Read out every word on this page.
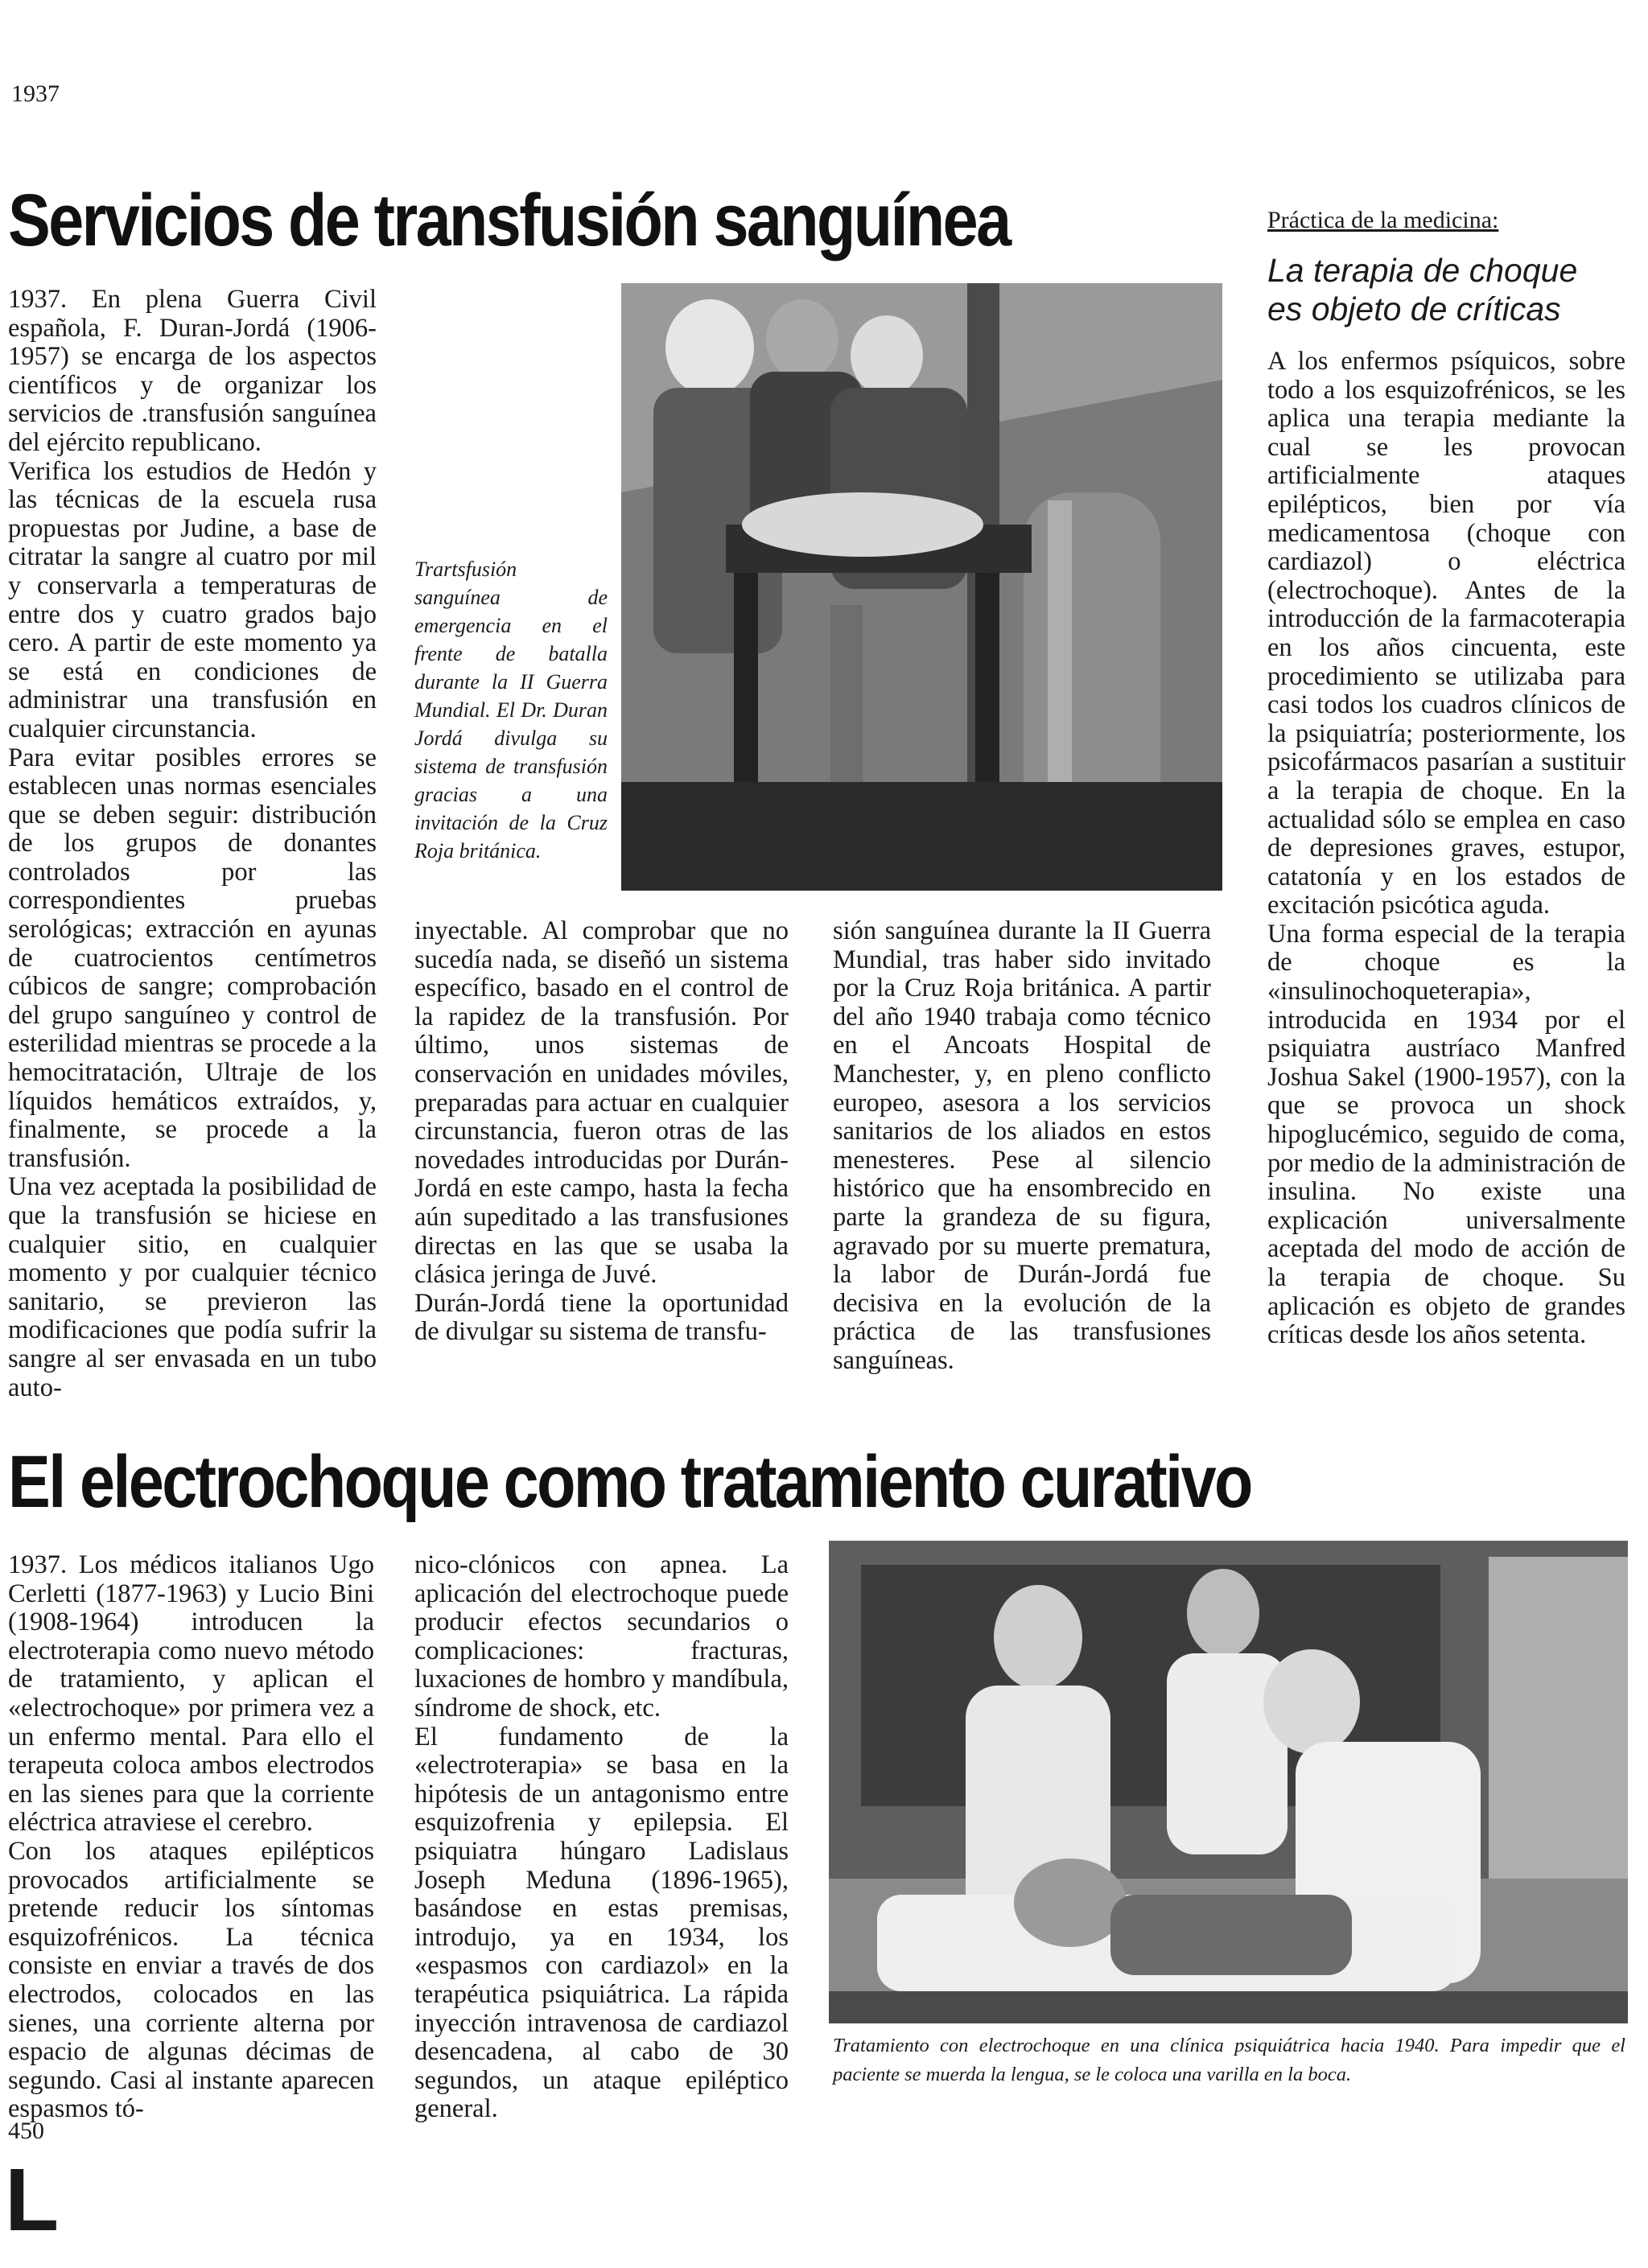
1937
Servicios de transfusión sanguínea

1937. En plena Guerra Civil española, F. Duran-Jordá (1906-1957) se encarga de los aspectos científicos y de organizar los servicios de .transfusión sanguínea del ejército republicano.

Verifica los estudios de Hedón y las técnicas de la escuela rusa propuestas por Judine, a base de citratar la sangre al cuatro por mil y conservarla a temperaturas de entre dos y cuatro grados bajo cero. A partir de este momento ya se está en condiciones de administrar una transfusión en cualquier circunstancia.

Para evitar posibles errores se establecen unas normas esenciales que se deben seguir: distribución de los grupos de donantes controlados por las correspondientes pruebas serológicas; extracción en ayunas de cuatrocientos centímetros cúbicos de sangre; comprobación del grupo sanguíneo y control de esterilidad mientras se procede a la hemocitratación, Ultraje de los líquidos hemáticos extraídos, y, finalmente, se procede a la transfusión.

Una vez aceptada la posibilidad de que la transfusión se hiciese en cualquier sitio, en cualquier momento y por cualquier técnico sanitario, se previeron las modificaciones que podía sufrir la sangre al ser envasada en un tubo auto-

Trartsfusión sanguínea de emergencia en el frente de batalla durante la II Guerra Mundial. El Dr. Duran Jordá divulga su sistema de transfusión gracias a una invitación de la Cruz Roja británica.

inyectable. Al comprobar que no sucedía nada, se diseñó un sistema específico, basado en el control de la rapidez de la transfusión. Por último, unos sistemas de conservación en unidades móviles, preparadas para actuar en cualquier circunstancia, fueron otras de las novedades introducidas por Durán-Jordá en este campo, hasta la fecha aún supeditado a las transfusiones directas en las que se usaba la clásica jeringa de Juvé.

Durán-Jordá tiene la oportunidad de divulgar su sistema de transfu-

sión sanguínea durante la II Guerra Mundial, tras haber sido invitado por la Cruz Roja británica. A partir del año 1940 trabaja como técnico en el Ancoats Hospital de Manchester, y, en pleno conflicto europeo, asesora a los servicios sanitarios de los aliados en estos menesteres. Pese al silencio histórico que ha ensombrecido en parte la grandeza de su figura, agravado por su muerte prematura, la labor de Durán-Jordá fue decisiva en la evolución de la práctica de las transfusiones sanguíneas.

Práctica de la medicina:
La terapia de choque
es objeto de críticas

A los enfermos psíquicos, sobre todo a los esquizofrénicos, se les aplica una terapia mediante la cual se les provocan artificialmente ataques epilépticos, bien por vía medicamentosa (choque con cardiazol) o eléctrica (electrochoque). Antes de la introducción de la farmacoterapia en los años cincuenta, este procedimiento se utilizaba para casi todos los cuadros clínicos de la psiquiatría; posteriormente, los psicofármacos pasarían a sustituir a la terapia de choque. En la actualidad sólo se emplea en caso de depresiones graves, estupor, catatonía y en los estados de excitación psicótica aguda.

Una forma especial de la terapia de choque es la «insulinochoqueterapia», introducida en 1934 por el psiquiatra austríaco Manfred Joshua Sakel (1900-1957), con la que se provoca un shock hipoglucémico, seguido de coma, por medio de la administración de insulina. No existe una explicación universalmente aceptada del modo de acción de la terapia de choque. Su aplicación es objeto de grandes críticas desde los años setenta.

El electrochoque como tratamiento curativo

1937. Los médicos italianos Ugo Cerletti (1877-1963) y Lucio Bini (1908-1964) introducen la electroterapia como nuevo método de tratamiento, y aplican el «electrochoque» por primera vez a un enfermo mental. Para ello el terapeuta coloca ambos electrodos en las sienes para que la corriente eléctrica atraviese el cerebro.

Con los ataques epilépticos provocados artificialmente se pretende reducir los síntomas esquizofrénicos. La técnica consiste en enviar a través de dos electrodos, colocados en las sienes, una corriente alterna por espacio de algunas décimas de segundo. Casi al instante aparecen espasmos tó-

nico-clónicos con apnea. La aplicación del electrochoque puede producir efectos secundarios o complicaciones: fracturas, luxaciones de hombro y mandíbula, síndrome de shock, etc.

El fundamento de la «electroterapia» se basa en la hipótesis de un antagonismo entre esquizofrenia y epilepsia. El psiquiatra húngaro Ladislaus Joseph Meduna (1896-1965), basándose en estas premisas, introdujo, ya en 1934, los «espasmos con cardiazol» en la terapéutica psiquiátrica. La rápida inyección intravenosa de cardiazol desencadena, al cabo de 30 segundos, un ataque epiléptico general.

Tratamiento con electrochoque en una clínica psiquiátrica hacia 1940. Para impedir que el paciente se muerda la lengua, se le coloca una varilla en la boca.
450
L
